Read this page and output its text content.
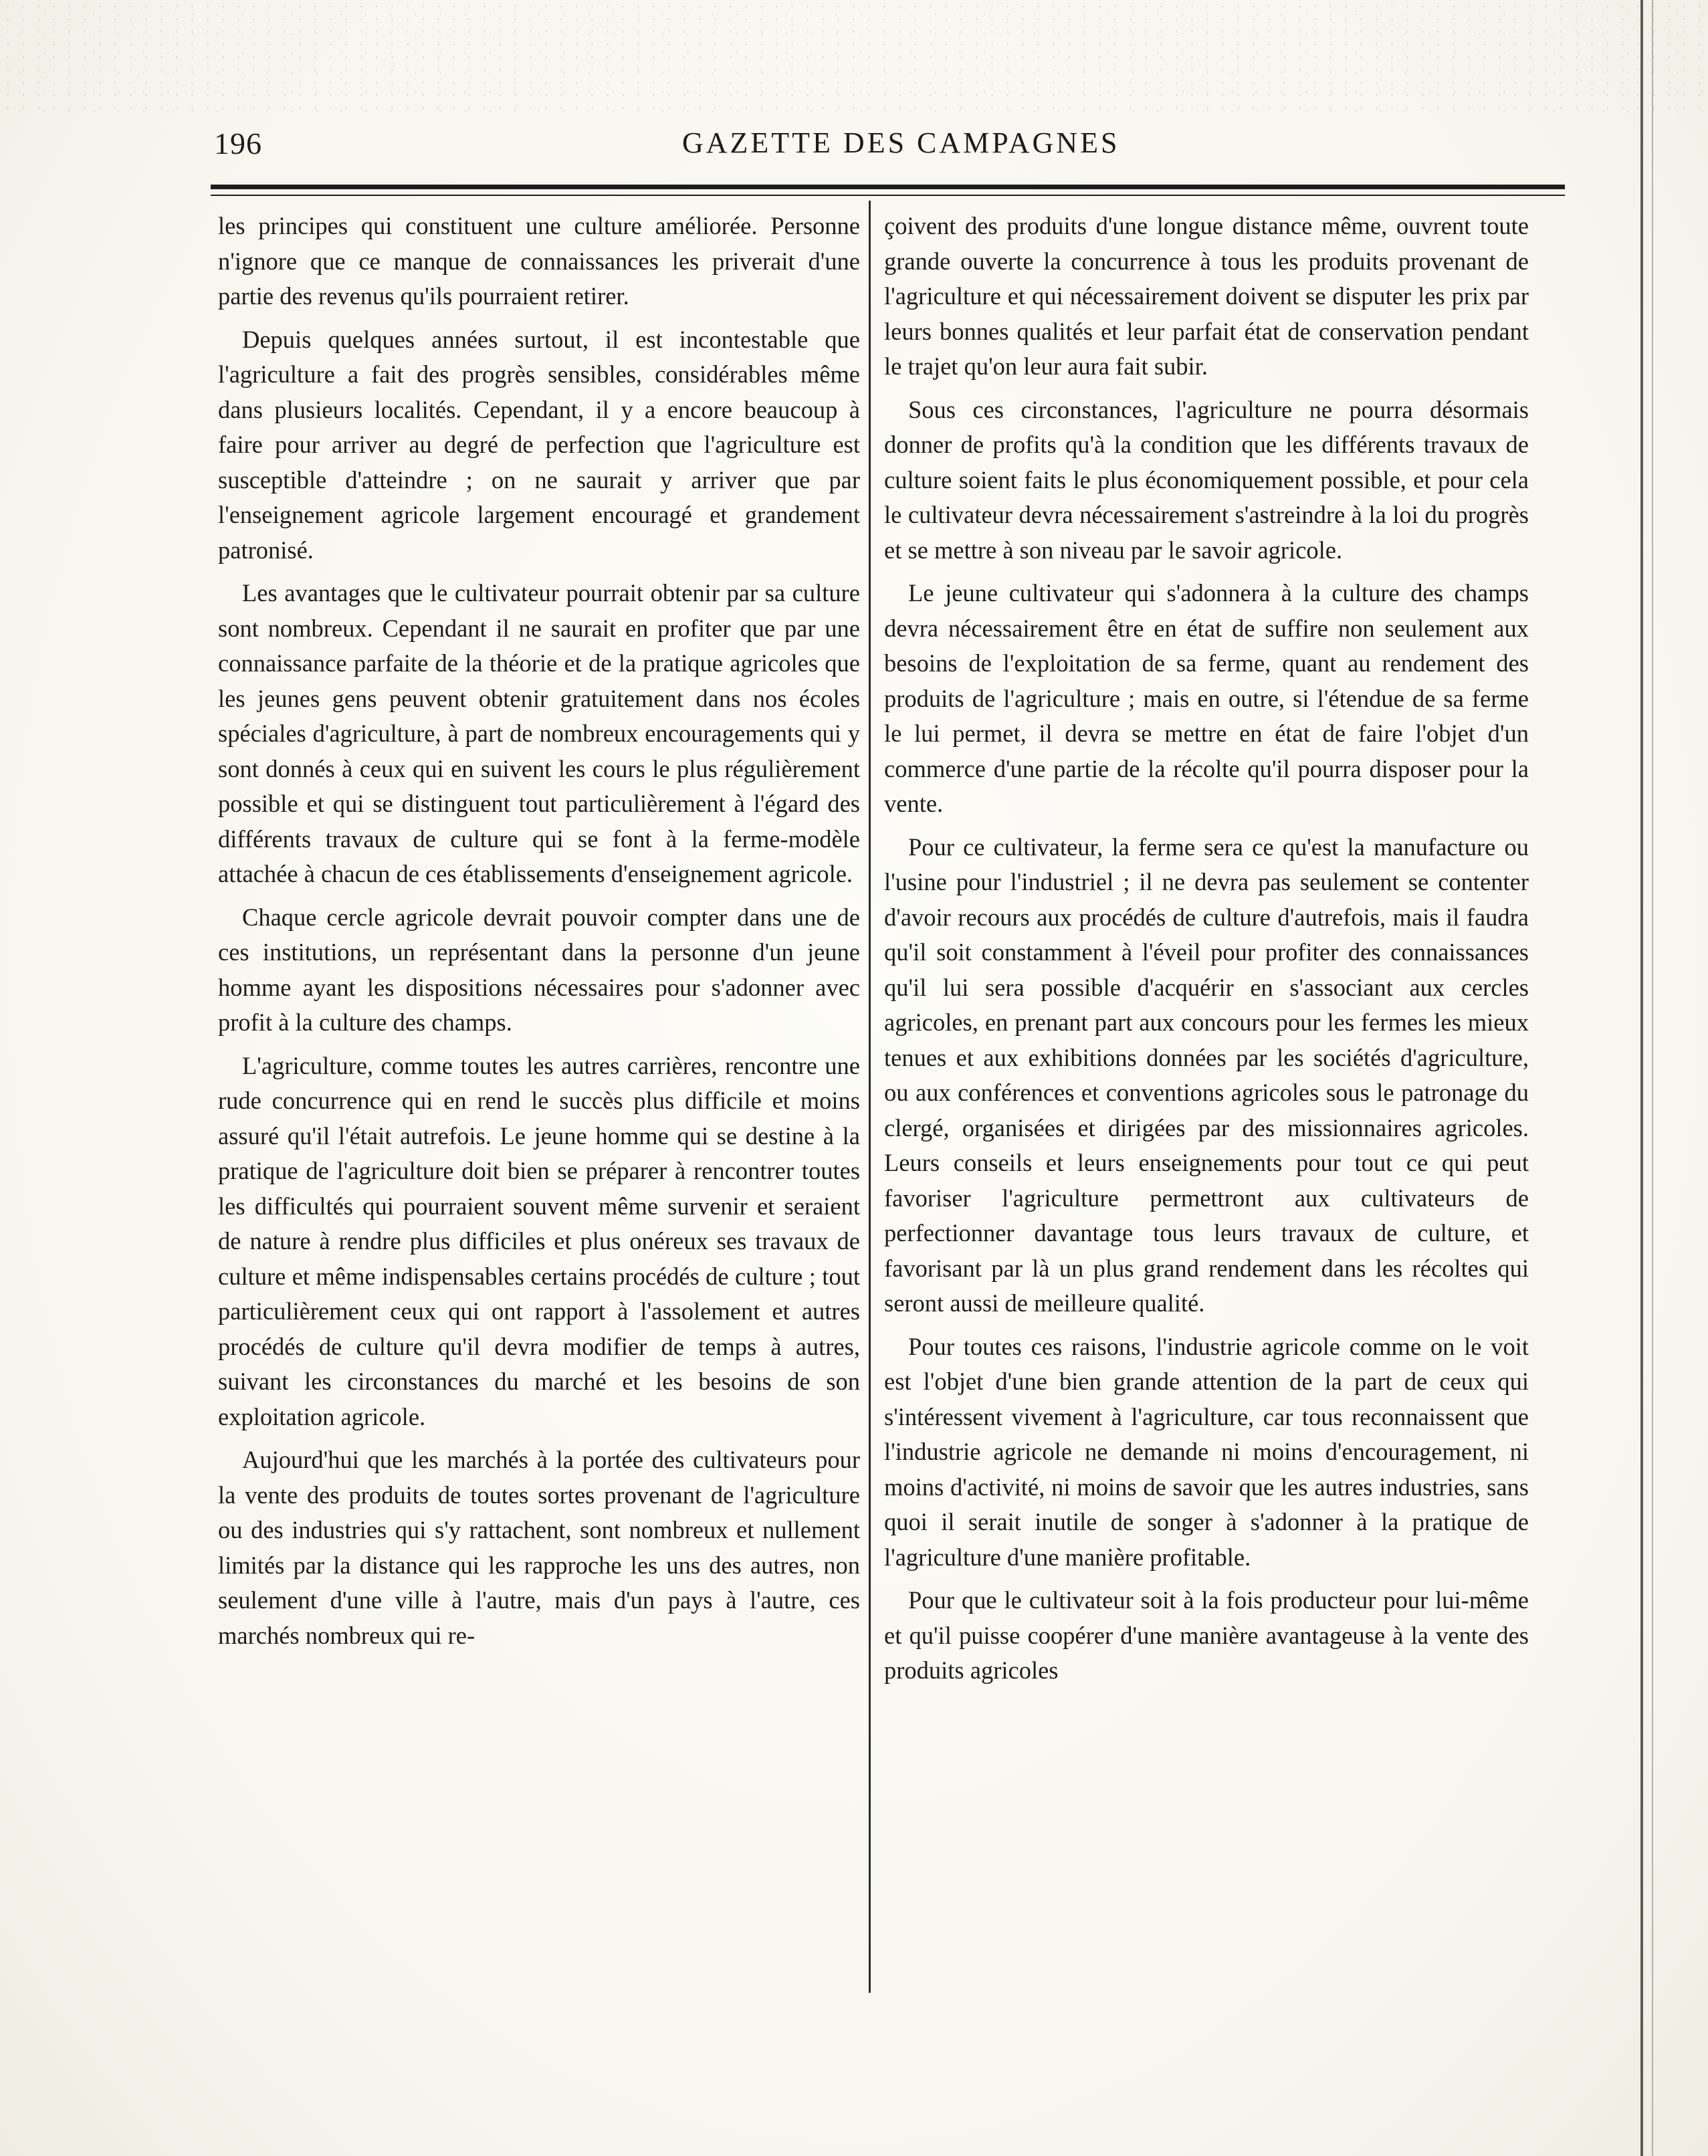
196	GAZETTE DES CAMPAGNES

les principes qui constituent une culture améliorée. Personne n'ignore que ce manque de connaissances les priverait d'une partie des revenus qu'ils pourraient retirer.

Depuis quelques années surtout, il est incontestable que l'agriculture a fait des progrès sensibles, considérables même dans plusieurs localités. Cependant, il y a encore beaucoup à faire pour arriver au degré de perfection que l'agriculture est susceptible d'atteindre ; on ne saurait y arriver que par l'enseignement agricole largement encouragé et grandement patronisé.

Les avantages que le cultivateur pourrait obtenir par sa culture sont nombreux. Cependant il ne saurait en profiter que par une connaissance parfaite de la théorie et de la pratique agricoles que les jeunes gens peuvent obtenir gratuitement dans nos écoles spéciales d'agriculture, à part de nombreux encouragements qui y sont donnés à ceux qui en suivent les cours le plus régulièrement possible et qui se distinguent tout particulièrement à l'égard des différents travaux de culture qui se font à la ferme-modèle attachée à chacun de ces établissements d'enseignement agricole.

Chaque cercle agricole devrait pouvoir compter dans une de ces institutions, un représentant dans la personne d'un jeune homme ayant les dispositions nécessaires pour s'adonner avec profit à la culture des champs.

L'agriculture, comme toutes les autres carrières, rencontre une rude concurrence qui en rend le succès plus difficile et moins assuré qu'il l'était autrefois. Le jeune homme qui se destine à la pratique de l'agriculture doit bien se préparer à rencontrer toutes les difficultés qui pourraient souvent même survenir et seraient de nature à rendre plus difficiles et plus onéreux ses travaux de culture et même indispensables certains procédés de culture ; tout particulièrement ceux qui ont rapport à l'assolement et autres procédés de culture qu'il devra modifier de temps à autres, suivant les circonstances du marché et les besoins de son exploitation agricole.

Aujourd'hui que les marchés à la portée des cultivateurs pour la vente des produits de toutes sortes provenant de l'agriculture ou des industries qui s'y rattachent, sont nombreux et nullement limités par la distance qui les rapproche les uns des autres, non seulement d'une ville à l'autre, mais d'un pays à l'autre, ces marchés nombreux qui re-

çoivent des produits d'une longue distance même, ouvrent toute grande ouverte la concurrence à tous les produits provenant de l'agriculture et qui nécessairement doivent se disputer les prix par leurs bonnes qualités et leur parfait état de conservation pendant le trajet qu'on leur aura fait subir.

Sous ces circonstances, l'agriculture ne pourra désormais donner de profits qu'à la condition que les différents travaux de culture soient faits le plus économiquement possible, et pour cela le cultivateur devra nécessairement s'astreindre à la loi du progrès et se mettre à son niveau par le savoir agricole.

Le jeune cultivateur qui s'adonnera à la culture des champs devra nécessairement être en état de suffire non seulement aux besoins de l'exploitation de sa ferme, quant au rendement des produits de l'agriculture ; mais en outre, si l'étendue de sa ferme le lui permet, il devra se mettre en état de faire l'objet d'un commerce d'une partie de la récolte qu'il pourra disposer pour la vente.

Pour ce cultivateur, la ferme sera ce qu'est la manufacture ou l'usine pour l'industriel ; il ne devra pas seulement se contenter d'avoir recours aux procédés de culture d'autrefois, mais il faudra qu'il soit constamment à l'éveil pour profiter des connaissances qu'il lui sera possible d'acquérir en s'associant aux cercles agricoles, en prenant part aux concours pour les fermes les mieux tenues et aux exhibitions données par les sociétés d'agriculture, ou aux conférences et conventions agricoles sous le patronage du clergé, organisées et dirigées par des missionnaires agricoles. Leurs conseils et leurs enseignements pour tout ce qui peut favoriser l'agriculture permettront aux cultivateurs de perfectionner davantage tous leurs travaux de culture, et favorisant par là un plus grand rendement dans les récoltes qui seront aussi de meilleure qualité.

Pour toutes ces raisons, l'industrie agricole comme on le voit est l'objet d'une bien grande attention de la part de ceux qui s'intéressent vivement à l'agriculture, car tous reconnaissent que l'industrie agricole ne demande ni moins d'encouragement, ni moins d'activité, ni moins de savoir que les autres industries, sans quoi il serait inutile de songer à s'adonner à la pratique de l'agriculture d'une manière profitable.

Pour que le cultivateur soit à la fois producteur pour lui-même et qu'il puisse coopérer d'une manière avantageuse à la vente des produits agricoles
